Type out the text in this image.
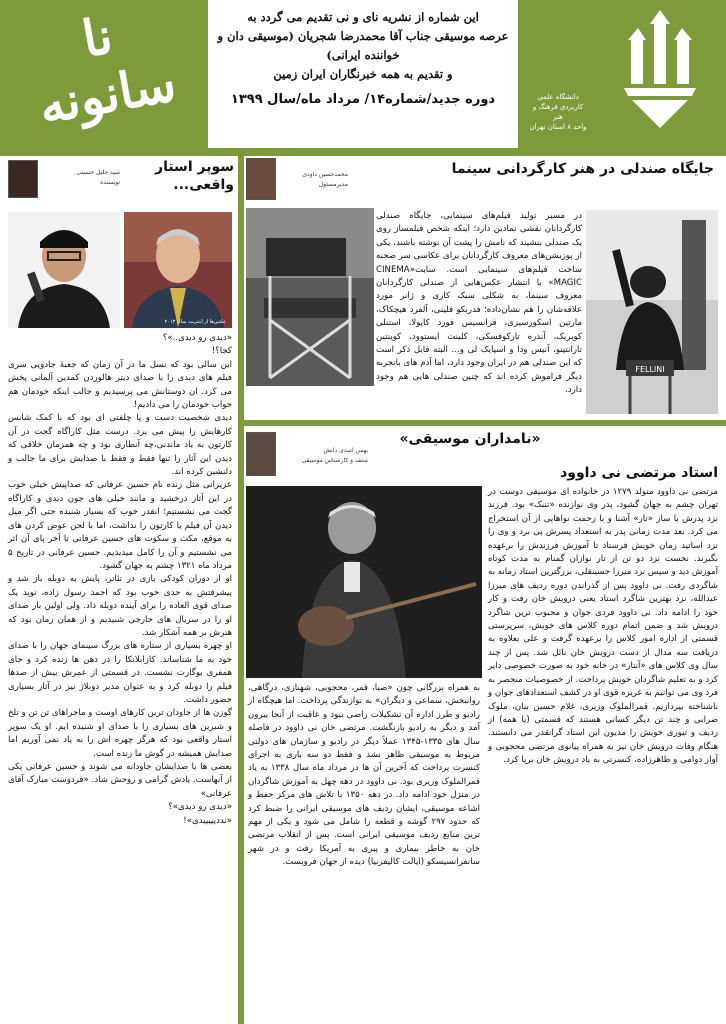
نا
سانونه

این شماره از نشریه نای و نی تقدیم می گردد به

عرصه موسیقی جناب آقا محمدرضا شجریان (موسیقی دان و خواننده ایرانی)

و تقدیم به همه خبرنگاران ایران زمین

دوره جدید/شماره۱۴/ مرداد ماه/سال ۱۳۹۹	دانشگاه علمی کاربردی فرهنگ و هنر
واحد ۸ استان تهران
سوپر استار واقعی...
سید جلیل حسینی
نویسنده
عکس‌ها از اینترنت سال ۲۰۱۳

«دیدی رو دیدی..»؟

کجا؟!

این سالی بود که نسل ما در آن زمان که جعبهٔ جادویی سری فیلم های دیدی را با صدای دیتر هالوردن کمدین آلمانی پخش می کرد. ان دوستانش می پرسیدیم و جالب اینکه خودمان هم جواب خودمان را می دادیم!

دیدی شخصیت دست و پا چلفتی ای بود که با کمک شانس کارهایش را پیش می برد. درست مثل کاراگاه گجت در آن کارتون به یاد ماندنی،چه آنطاری بود و چه همزمان خلاقی که دیدن این آثار را تنها فقط و فقط با صدایش برای ما جالب و دلنشین کرده اند.

عزیزانی مثل زنده نام حسین عرفانی که صداپیش خیلی خوب در این آثار درخشید و مانند خیلی های جون دیدی و کاراگاه گجت می نشستیم؛ انقدر خوب که بسیار شنیده حتی اگر میل دیدن آن فیلم یا کارتون را نداشت، اما با لحن عوض کردن های به موقع، مکث و سکوت های حسین عرفانی تا آخر پای آن اثر می نشستیم و آن را کامل میدیدیم. حسین عرفانی در تاریخ ۵ مرداد ماه ۱۳۲۱ چشم به جهان گشود.

او از دوران کودکی بازی در تئاتر، پایش به دوبله باز شد و پیشرفتش به حدی خوب بود که احمد رسول زاده، نوید یک صدای قوی العاده را برای آینده دوبله داد. ولی اولین بار صدای او را در سریال های خارجی شنیدیم و از همان زمان بود که هنرش بر همه آشکار شد.

او چهره بسیاری از ستاره های بزرگ سینمای جهان را با صدای خود به ما شناساند. کازابلانکا را در ذهن ها زنده کرد و جای همفری بوگارت نشست. در قسمتی از عمرش بیش از صدها فیلم را دوبله کرد و به عنوان مدیر دوبلاژ نیز در آثار بسیاری حضور داشت.

گوزن ها از جاودان ترین کارهای اوست و ماجراهای تن تن و تلخ و شیرین های بسیاری را با صدای او شنیده ایم. او یک سوپر استار واقعی بود که هرگز چهره اش را به یاد نمی آوریم اما صدایش همیشه در گوش ما زنده است.

بعضی ها با صدایشان جاودانه می شوند و حسین عرفانی یکی از آنهاست. یادش گرامی و روحش شاد. «فردوست مبارک آقای عرفانی»

«دیدی رو دیدی»؟

«نددیییییدی»!

جایگاه صندلی در هنر کارگردانی سینما
محمدحسین داودی
مدیرمسئول
در مسیر تولید فیلم‌های سینمایی، جایگاه صندلی کارگردانان نقشی نمادین دارد؛ اینکه شخص فیلمساز روی یک صندلی بنشیند که نامش را پشت آن نوشته باشند، یکی از پوزیشن‌های معروف کارگردانان برای عکاسی سر صحنه ساخت فیلم‌های سینمایی است. سایت«CINEMA MAGIC» با انتشار عکس‌هایی از صندلی کارگردانان معروف سینما، به شکلی سبک کاری و ژانر مورد علاقه‌شان را هم نشان‌داده؛ فدریکو فلینی، آلفرد هیچکاک، مارتین اسکورسیزی، فرانسیس فورد کاپولا، استنلی کوبریک، آندره تارکوفسکی، کلینت ایستوود، کوینتین تارانتینو، آنیس ودا و اسپایک لی و... البته قابل ذکر است که این صندلی هم در ایران وجود دارد، اما آدم های باتجربه دیگر فراموش کرده اند که چنین صندلی هایی هم وجود دارد.
FELLINI
«نامداران موسیقی»
بهمن اسدی دانش
منتقد و کارشناس موسیقی
استاد مرتضی نی داوود
مرتضی نی داوود متولد ۱۲۷۹ در خانواده ای موسیقی دوست در تهران چشم به جهان گشود، پدر وی نوازنده «تنبک» بود. فرزند نزد پدرش با ساز «تار» آشنا و با زحمت نواهایی از آن استخراج می کرد. بعد مدت زمانی پدر به استعداد پسرش پی برد و وی را نزد اساتید زمان خویش فرستاد تا آموزش فرزندش را برعهده بگیرند. نخست نزد دو تن از تار نوازان گمنام به مدت کوتاه آموزش دید و سپس نزد میرزا حسینقلی، بزرگترین استاد زمانه به شاگردی رفت. نی داوود پس از گذراندن دوره ردیف های میرزا عبدالله، نزد بهترین شاگرد استاد یعنی درویش خان رفت و کار خود را ادامه داد. نی داوود فردی جوان و محبوب ترین شاگرد درویش شد و ضمن اتمام دوره کلاس های خویش، سرپرستی قسمتی از اداره امور کلاس را برعهده گرفت و علی بعلاوه به دریافت سه مدال از دست درویش خان نائل شد. پس از چند سال وی کلاس های «آنتار» در خانه خود به صورت خصوصی دایر کرد و به تعلیم شاگردان خویش پرداخت. از خصوصیات منحصر به فرد وی می توانیم به غریزه قوی او در کشف استعدادهای جوان و ناشناخته بپردازیم. قمرالملوک وزیری، غلام حسین بنان، ملوک ضرابی و چند تن دیگر کسانی هستند که قسمتی (یا همه) از ردیف و تیوری خویش را مدیون این استاد گرانقدر می دانستند. هنگام وفات درویش خان نیز به همراه پیانوی مرتضی محجوبی و آواز دوامی و ظاهرزاده، کنسرتی به یاد درویش خان برپا کرد.
به همراه بزرگانی چون «صبا، قمر، محجوبی، شهنازی، درگاهی، روانبخش، سماعی و دیگران» به نوازندگی پرداخت. اما هیچگاه از رادیو و طرز اداره آن تشکیلات راضی نبود و عاقبت از آنجا بیرون آمد و دیگر به رادیو بازنگشت. مرتضی خان نی داوود در فاصله سال های ۱۳۳۵-۱۳۴۵ عملاً دیگر در رادیو و سازمان های دولتی مربوط به موسیقی ظاهر نشد و فقط دو سه باری به اجرای کنسرت پرداخت که آخرین آن ها در مرداد ماه سال ۱۳۳۸ به یاد قمرالملوک وزیری بود. نی داوود در دهه چهل به آموزش شاگردان در منزل خود ادامه داد. در دهه ۱۳۵۰ با تلاش های مرکز حفظ و اشاعه موسیقی، ایشان ردیف های موسیقی ایرانی را ضبط کرد که حدود ۲۹۷ گوشه و قطعه را شامل می شود و یکی از مهم ترین منابع ردیف موسیقی ایرانی است. پس از انقلاب مرتضی خان به خاطر بیماری و پیری به آمریکا رفت و در شهر سانفرانسیسکو (ایالت کالیفرنیا) دیده از جهان فروبست.
